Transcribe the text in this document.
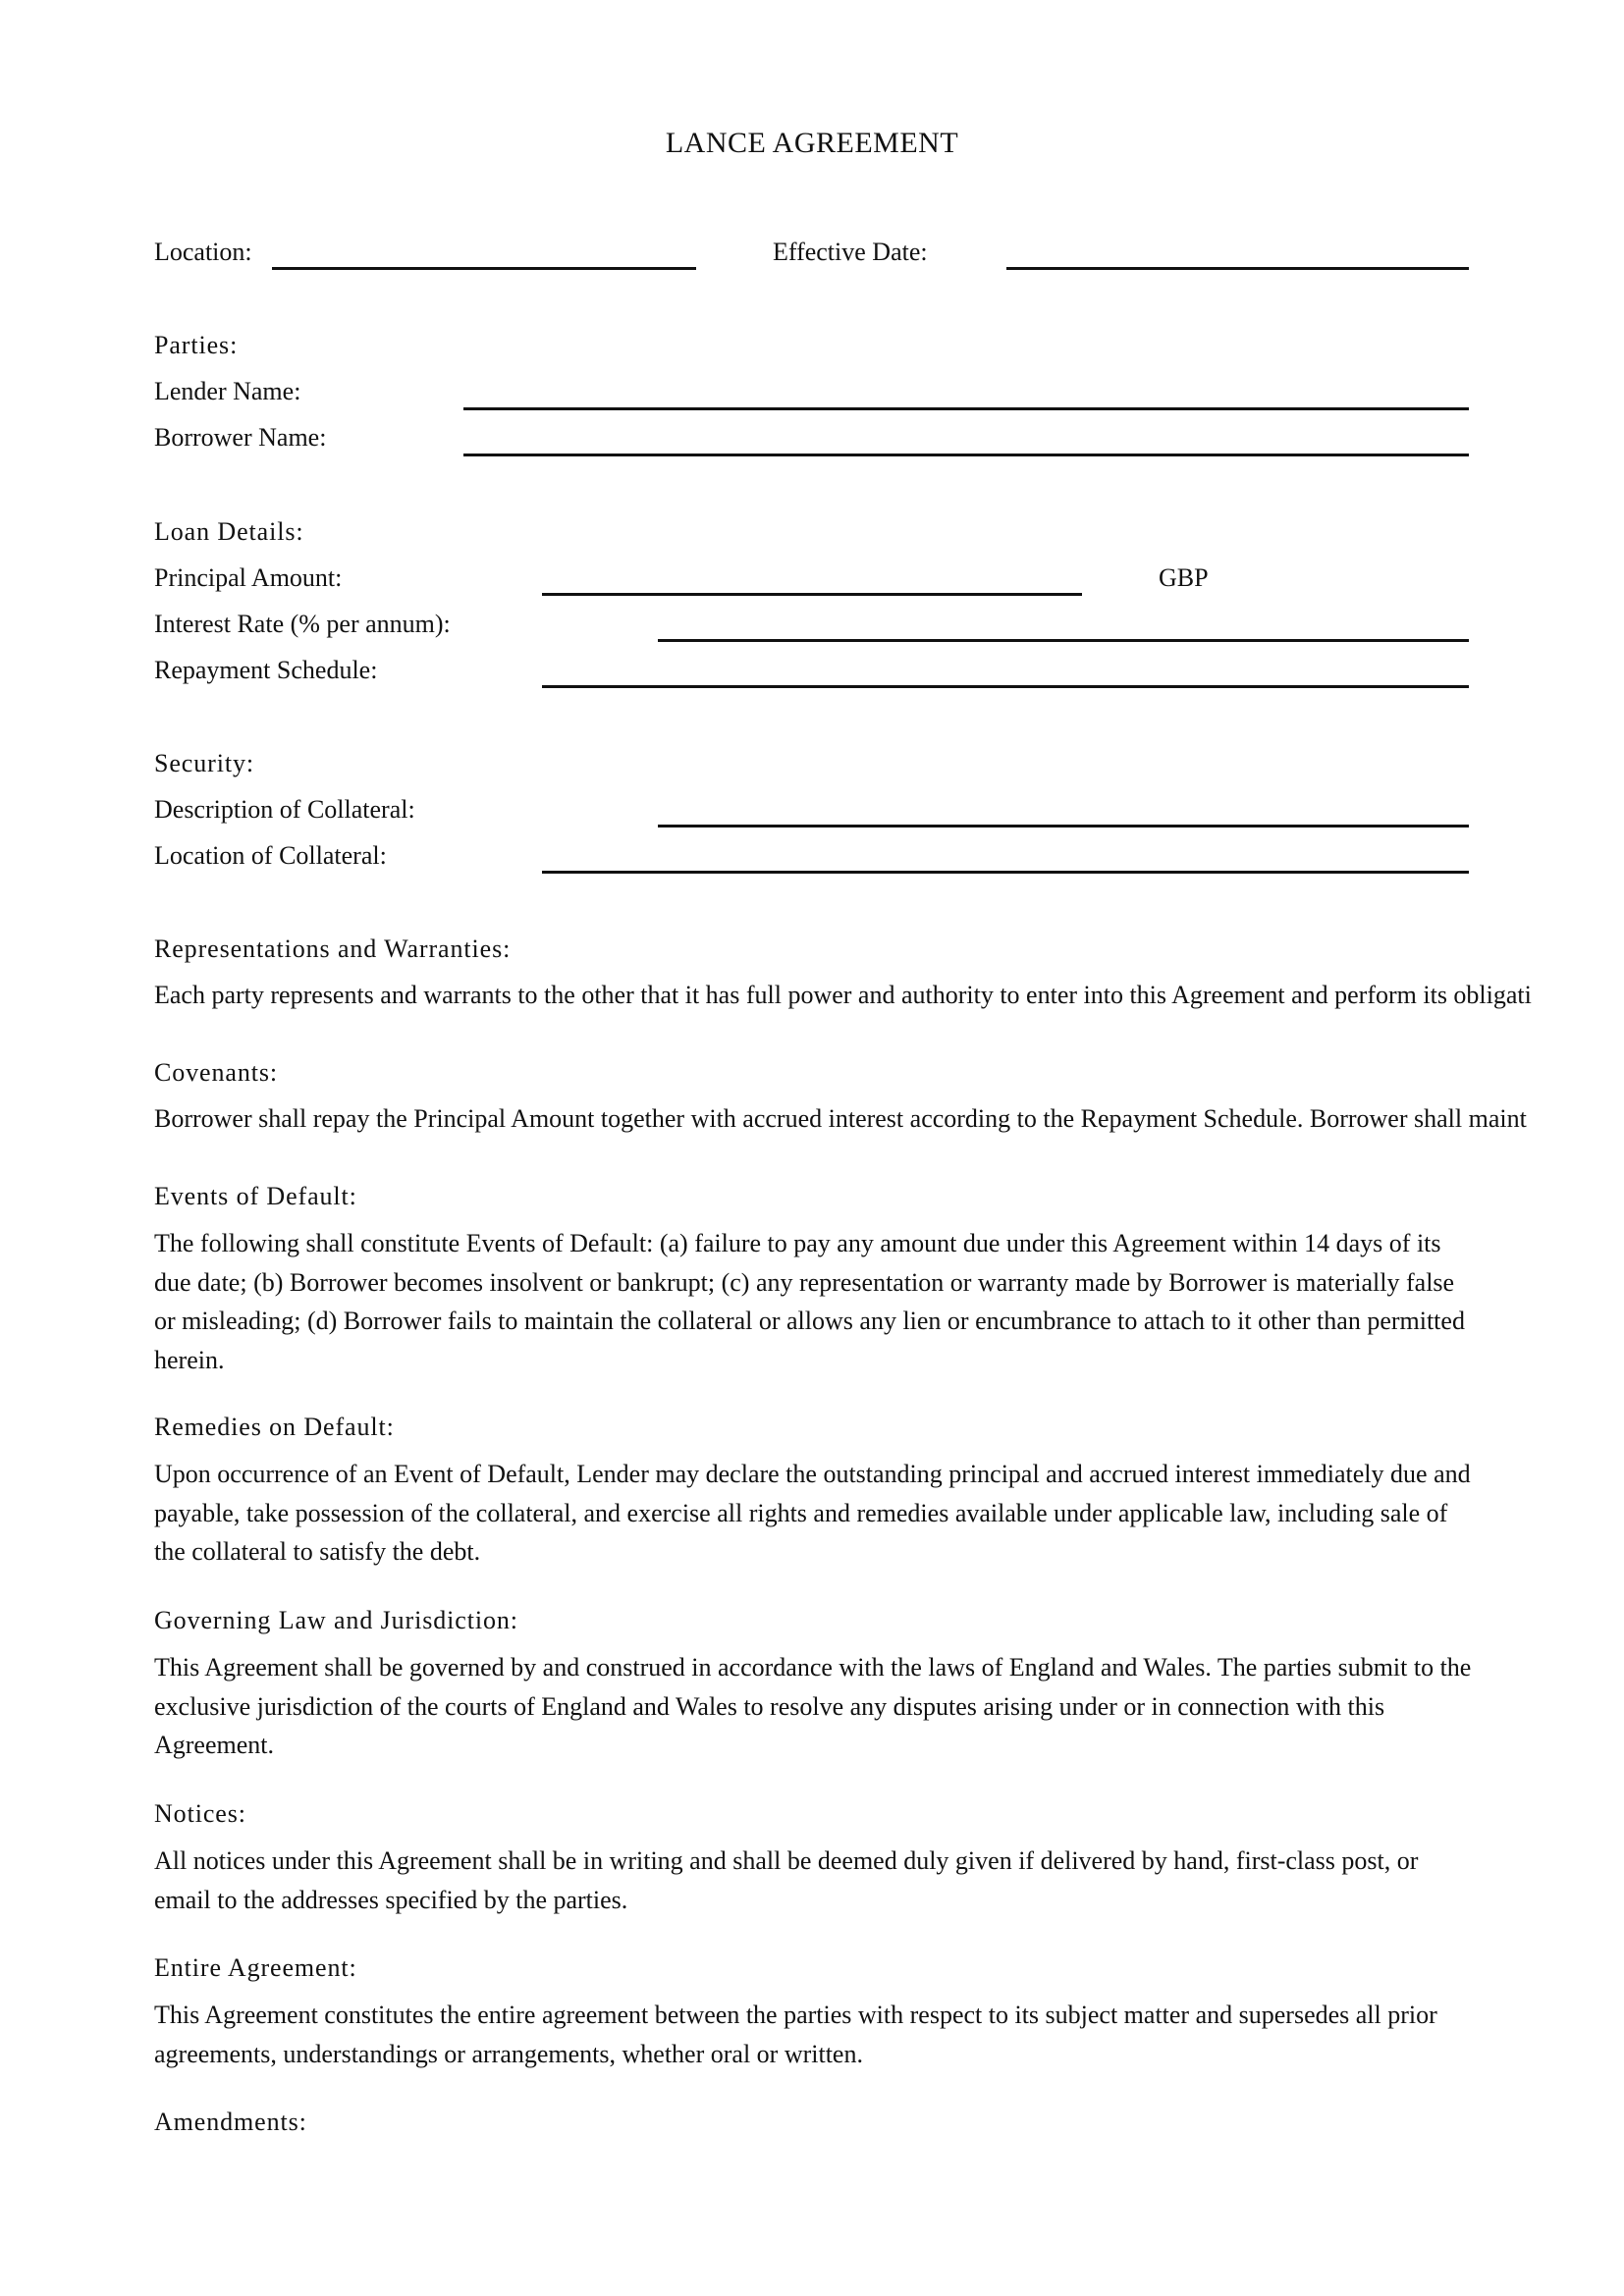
LANCE AGREEMENT
Location:	Effective Date:
Parties:
Lender Name:
Borrower Name:
Loan Details:
Principal Amount:	GBP
Interest Rate (% per annum):
Repayment Schedule:
Security:
Description of Collateral:
Location of Collateral:
Representations and Warranties:
Each party represents and warrants to the other that it has full power and authority to enter into this Agreement and perform its obligati
Covenants:
Borrower shall repay the Principal Amount together with accrued interest according to the Repayment Schedule. Borrower shall maint
Events of Default:
The following shall constitute Events of Default: (a) failure to pay any amount due under this Agreement within 14 days of its due date; (b) Borrower becomes insolvent or bankrupt; (c) any representation or warranty made by Borrower is materially false or misleading; (d) Borrower fails to maintain the collateral or allows any lien or encumbrance to attach to it other than permitted herein.
Remedies on Default:
Upon occurrence of an Event of Default, Lender may declare the outstanding principal and accrued interest immediately due and payable, take possession of the collateral, and exercise all rights and remedies available under applicable law, including sale of the collateral to satisfy the debt.
Governing Law and Jurisdiction:
This Agreement shall be governed by and construed in accordance with the laws of England and Wales. The parties submit to the exclusive jurisdiction of the courts of England and Wales to resolve any disputes arising under or in connection with this Agreement.
Notices:
All notices under this Agreement shall be in writing and shall be deemed duly given if delivered by hand, first-class post, or email to the addresses specified by the parties.
Entire Agreement:
This Agreement constitutes the entire agreement between the parties with respect to its subject matter and supersedes all prior agreements, understandings or arrangements, whether oral or written.
Amendments:
